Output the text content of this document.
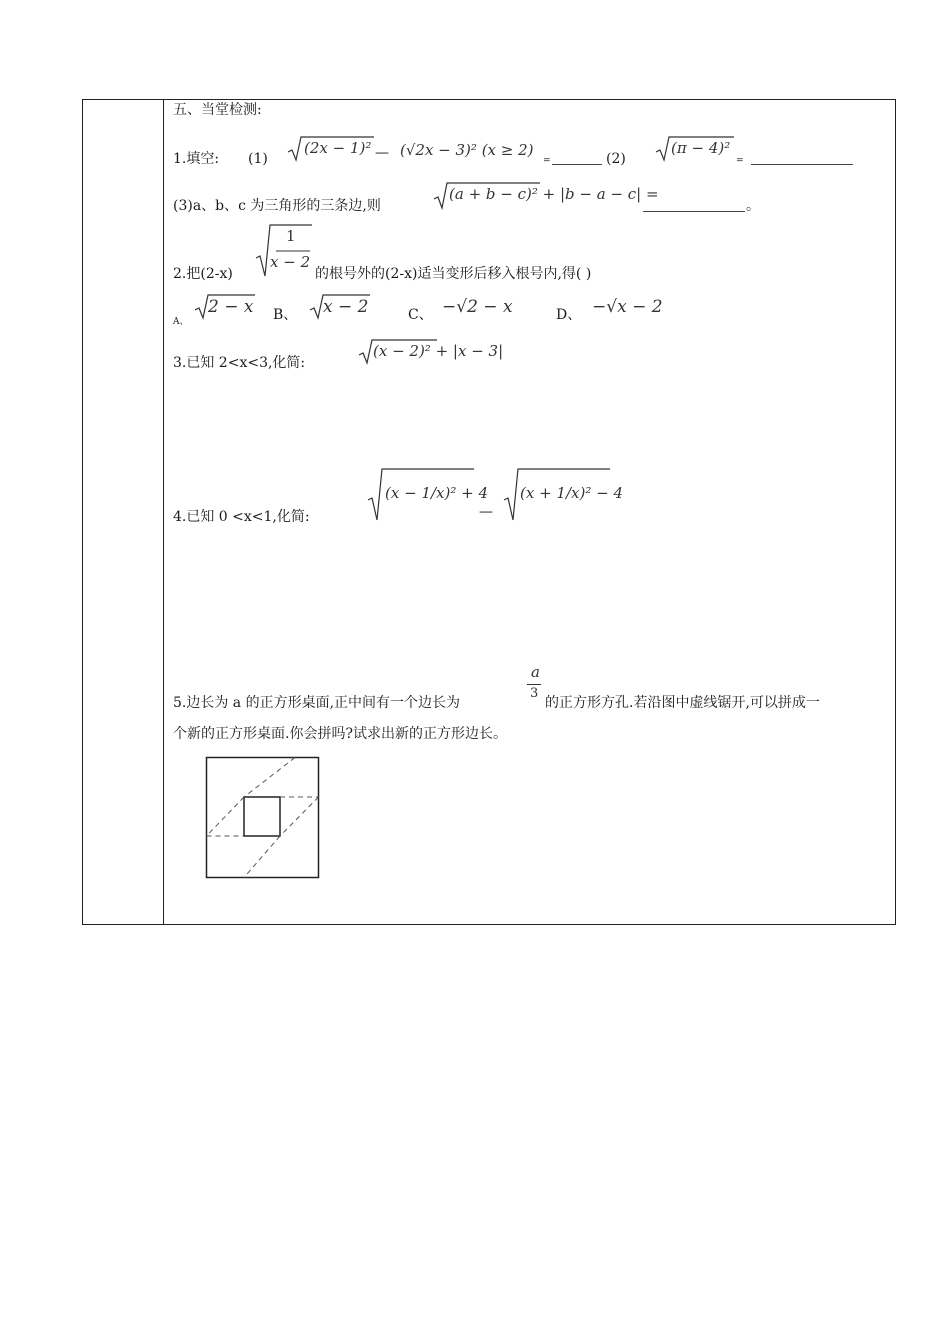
五、当堂检测:
1.填空: (1)
(2x − 1)² — (√2x − 3)² (x ≥ 2)
=	(2)
(π − 4)²
=
(3)a、b、c 为三角形的三条边,则
(a + b − c)² + |b − a − c| =
。
2.把(2-x)
1
x − 2
的根号外的(2-x)适当变形后移入根号内,得( )
A、
2 − x B、 x − 2	C、 −√2 − x	D、 −√x − 2
3.已知 2<x<3,化简:
(x − 2)² + |x − 3|
4.已知 0 <x<1,化简:
(x − 1/x)² + 4
—
(x + 1/x)² − 4
5.边长为 a 的正方形桌面,正中间有一个边长为
a
3
的正方形方孔.若沿图中虚线锯开,可以拼成一
个新的正方形桌面.你会拼吗?试求出新的正方形边长。
